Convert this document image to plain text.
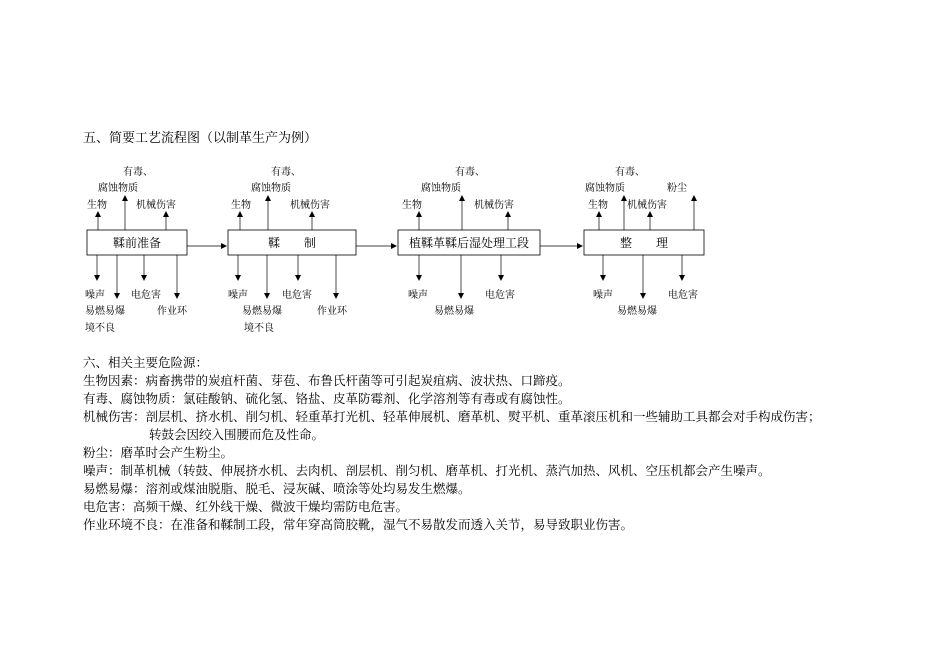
五、简要工艺流程图（以制革生产为例）
鞣前准备	鞣　　制	植鞣革鞣后湿处理工段	整　　理
有毒、
腐蚀物质
生物	机械伤害
噪声	电危害
易燃易爆	作业环
境不良
有毒、
腐蚀物质
生物	机械伤害
噪声	电危害
易燃易爆	作业环
境不良
有毒、
腐蚀物质
生物	机械伤害
噪声	电危害
易燃易爆
有毒、
腐蚀物质
生物 机械伤害
粉尘
噪声	电危害
易燃易爆
六、相关主要危险源：
生物因素：病畜携带的炭疽杆菌、芽苞、布鲁氏杆菌等可引起炭疽病、波状热、口蹄疫。
有毒、腐蚀物质：氯硅酸钠、硫化氢、铬盐、皮革防霉剂、化学溶剂等有毒或有腐蚀性。
机械伤害：剖层机、挤水机、削匀机、轻重革打光机、轻革伸展机、磨革机、熨平机、重革滚压机和一些辅助工具都会对手构成伤害；
转鼓会因绞入围腰而危及性命。
粉尘：磨革时会产生粉尘。
噪声：制革机械（转鼓、伸展挤水机、去肉机、剖层机、削匀机、磨革机、打光机、蒸汽加热、风机、空压机都会产生噪声。
易燃易爆：溶剂或煤油脱脂、脱毛、浸灰碱、喷涂等处均易发生燃爆。
电危害：高频干燥、红外线干燥、微波干燥均需防电危害。
作业环境不良：在准备和鞣制工段，常年穿高筒胶靴，湿气不易散发而透入关节，易导致职业伤害。
